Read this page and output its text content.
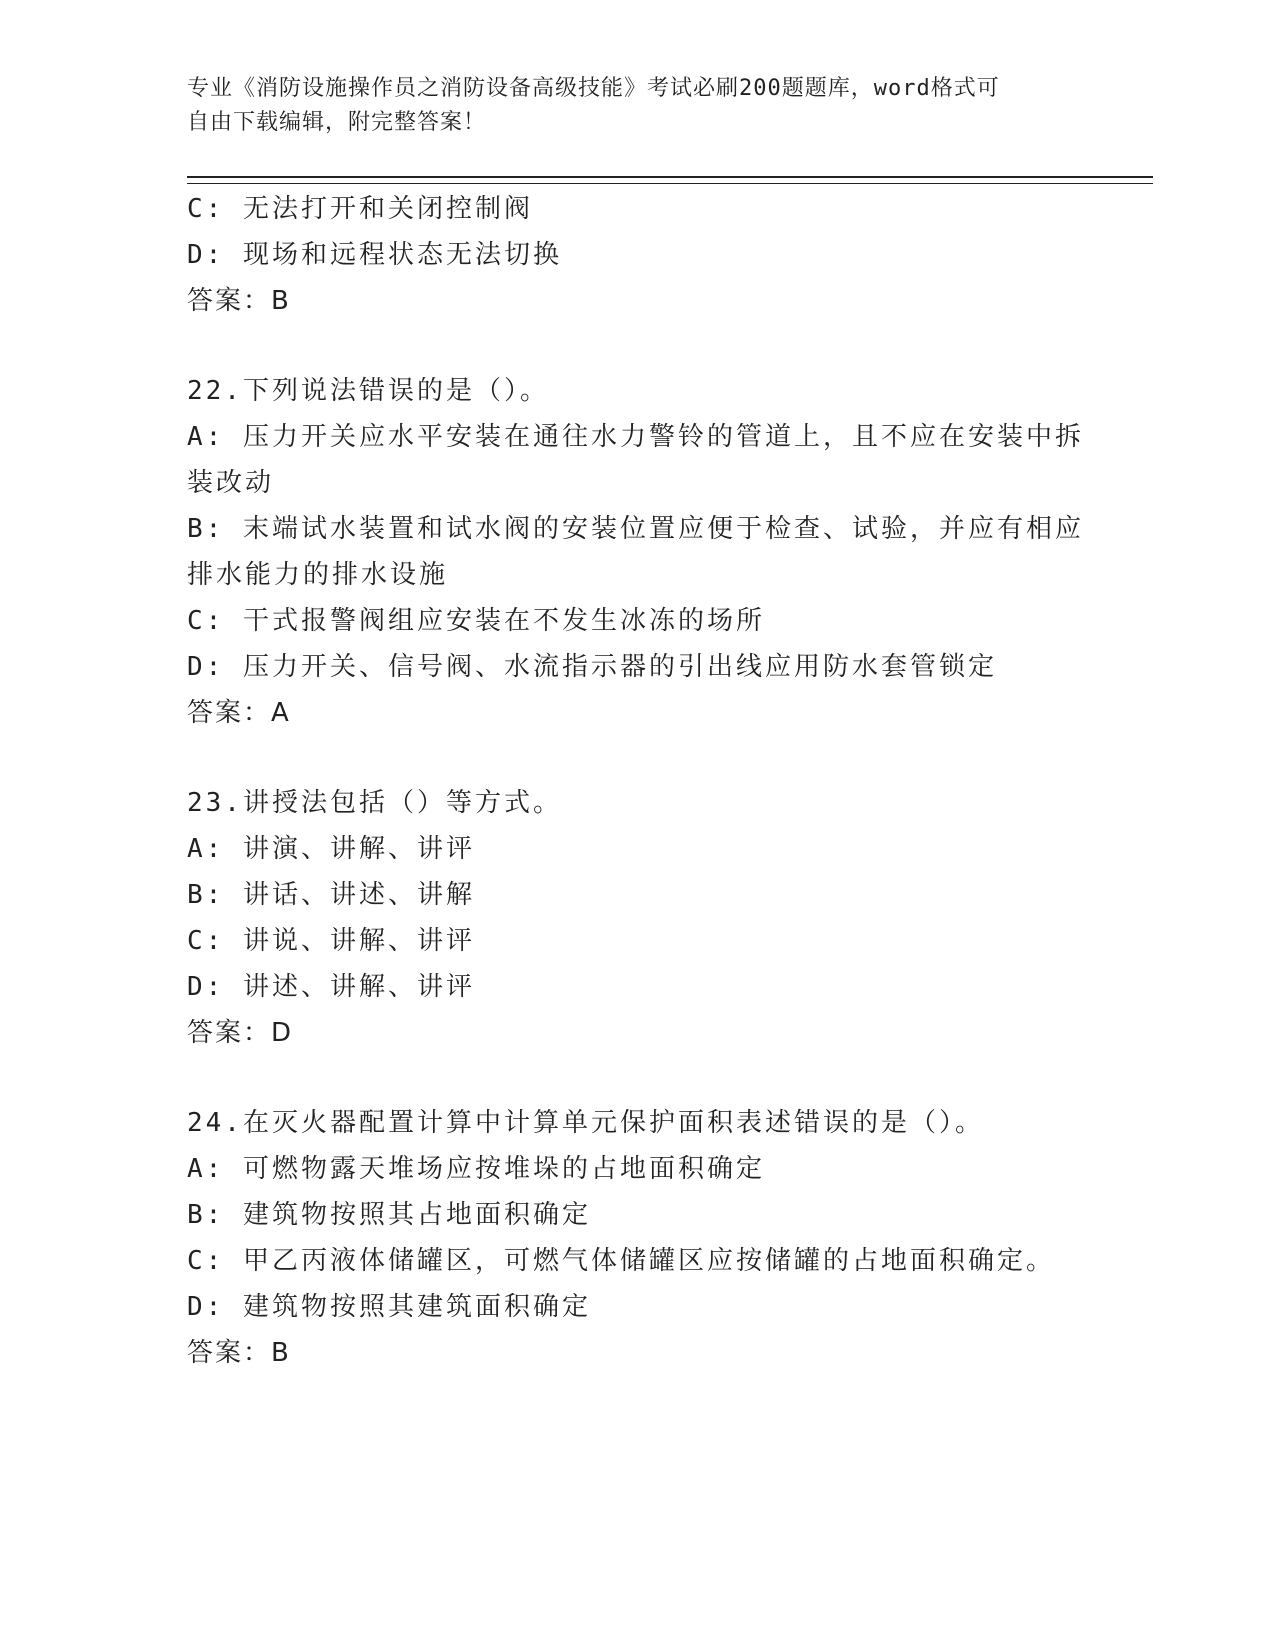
专业《消防设施操作员之消防设备高级技能》考试必刷200题题库，word格式可
自由下载编辑，附完整答案！
C: 无法打开和关闭控制阀
D: 现场和远程状态无法切换
答案：B
22.下列说法错误的是（）。
A: 压力开关应水平安装在通往水力警铃的管道上，且不应在安装中拆
装改动
B: 末端试水装置和试水阀的安装位置应便于检查、试验，并应有相应
排水能力的排水设施
C: 干式报警阀组应安装在不发生冰冻的场所
D: 压力开关、信号阀、水流指示器的引出线应用防水套管锁定
答案：A
23.讲授法包括（）等方式。
A: 讲演、讲解、讲评
B: 讲话、讲述、讲解
C: 讲说、讲解、讲评
D: 讲述、讲解、讲评
答案：D
24.在灭火器配置计算中计算单元保护面积表述错误的是（）。
A: 可燃物露天堆场应按堆垛的占地面积确定
B: 建筑物按照其占地面积确定
C: 甲乙丙液体储罐区，可燃气体储罐区应按储罐的占地面积确定。
D: 建筑物按照其建筑面积确定
答案：B
